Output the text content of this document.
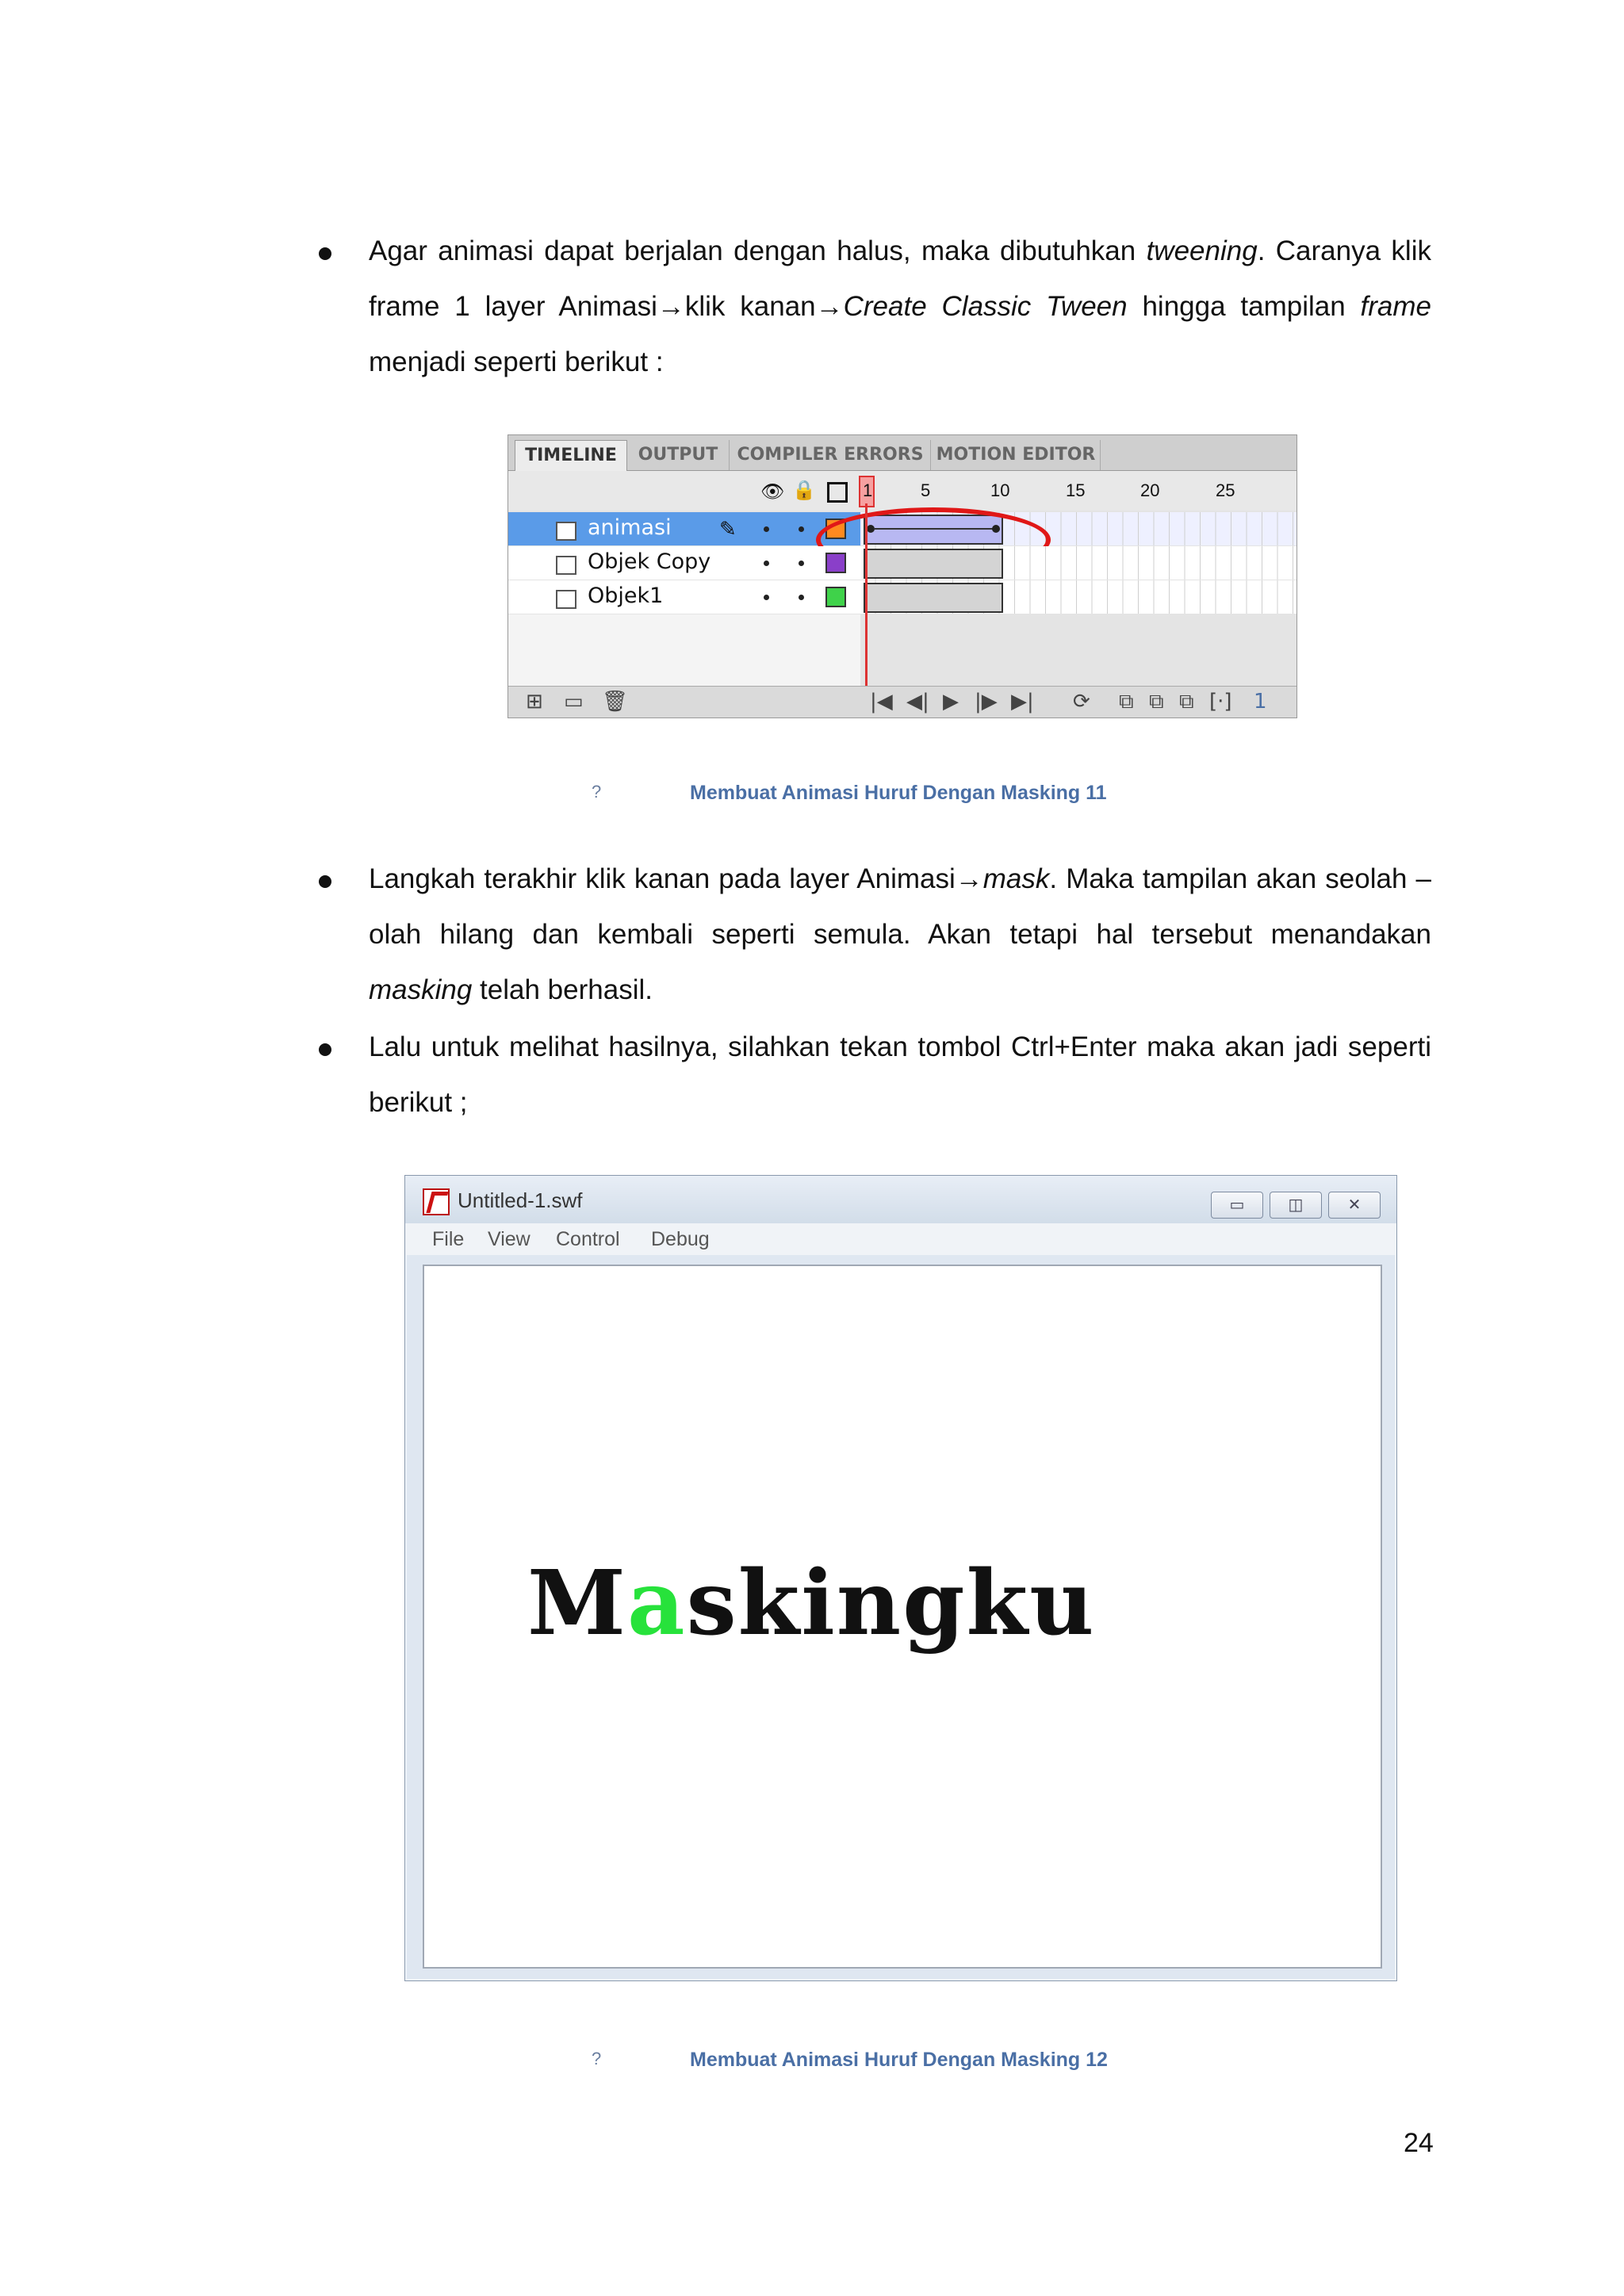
Agar animasi dapat berjalan dengan halus, maka dibutuhkan tweening. Caranya klik frame 1 layer Animasi→klik kanan→Create Classic Tween hingga tampilan frame menjadi seperti berikut :
TIMELINE	OUTPUT	COMPILER ERRORS MOTION EDITOR
👁 🔒	1	5	10	15	20	25
animasi ✎
Objek Copy
Objek1
⊞ ▭ 🗑	|◀ ◀| ▶ |▶ ▶| ⟳ ⧉ ⧉ ⧉ [·] 1
?	Membuat Animasi Huruf Dengan Masking 11
Langkah terakhir klik kanan pada layer Animasi→mask. Maka tampilan akan seolah – olah hilang dan kembali seperti semula. Akan tetapi hal tersebut menandakan masking telah berhasil.
Lalu untuk melihat hasilnya, silahkan tekan tombol Ctrl+Enter maka akan jadi seperti berikut ;
Untitled-1.swf	▭	◫	✕
File View Control Debug
Maskingku
?	Membuat Animasi Huruf Dengan Masking 12
24
